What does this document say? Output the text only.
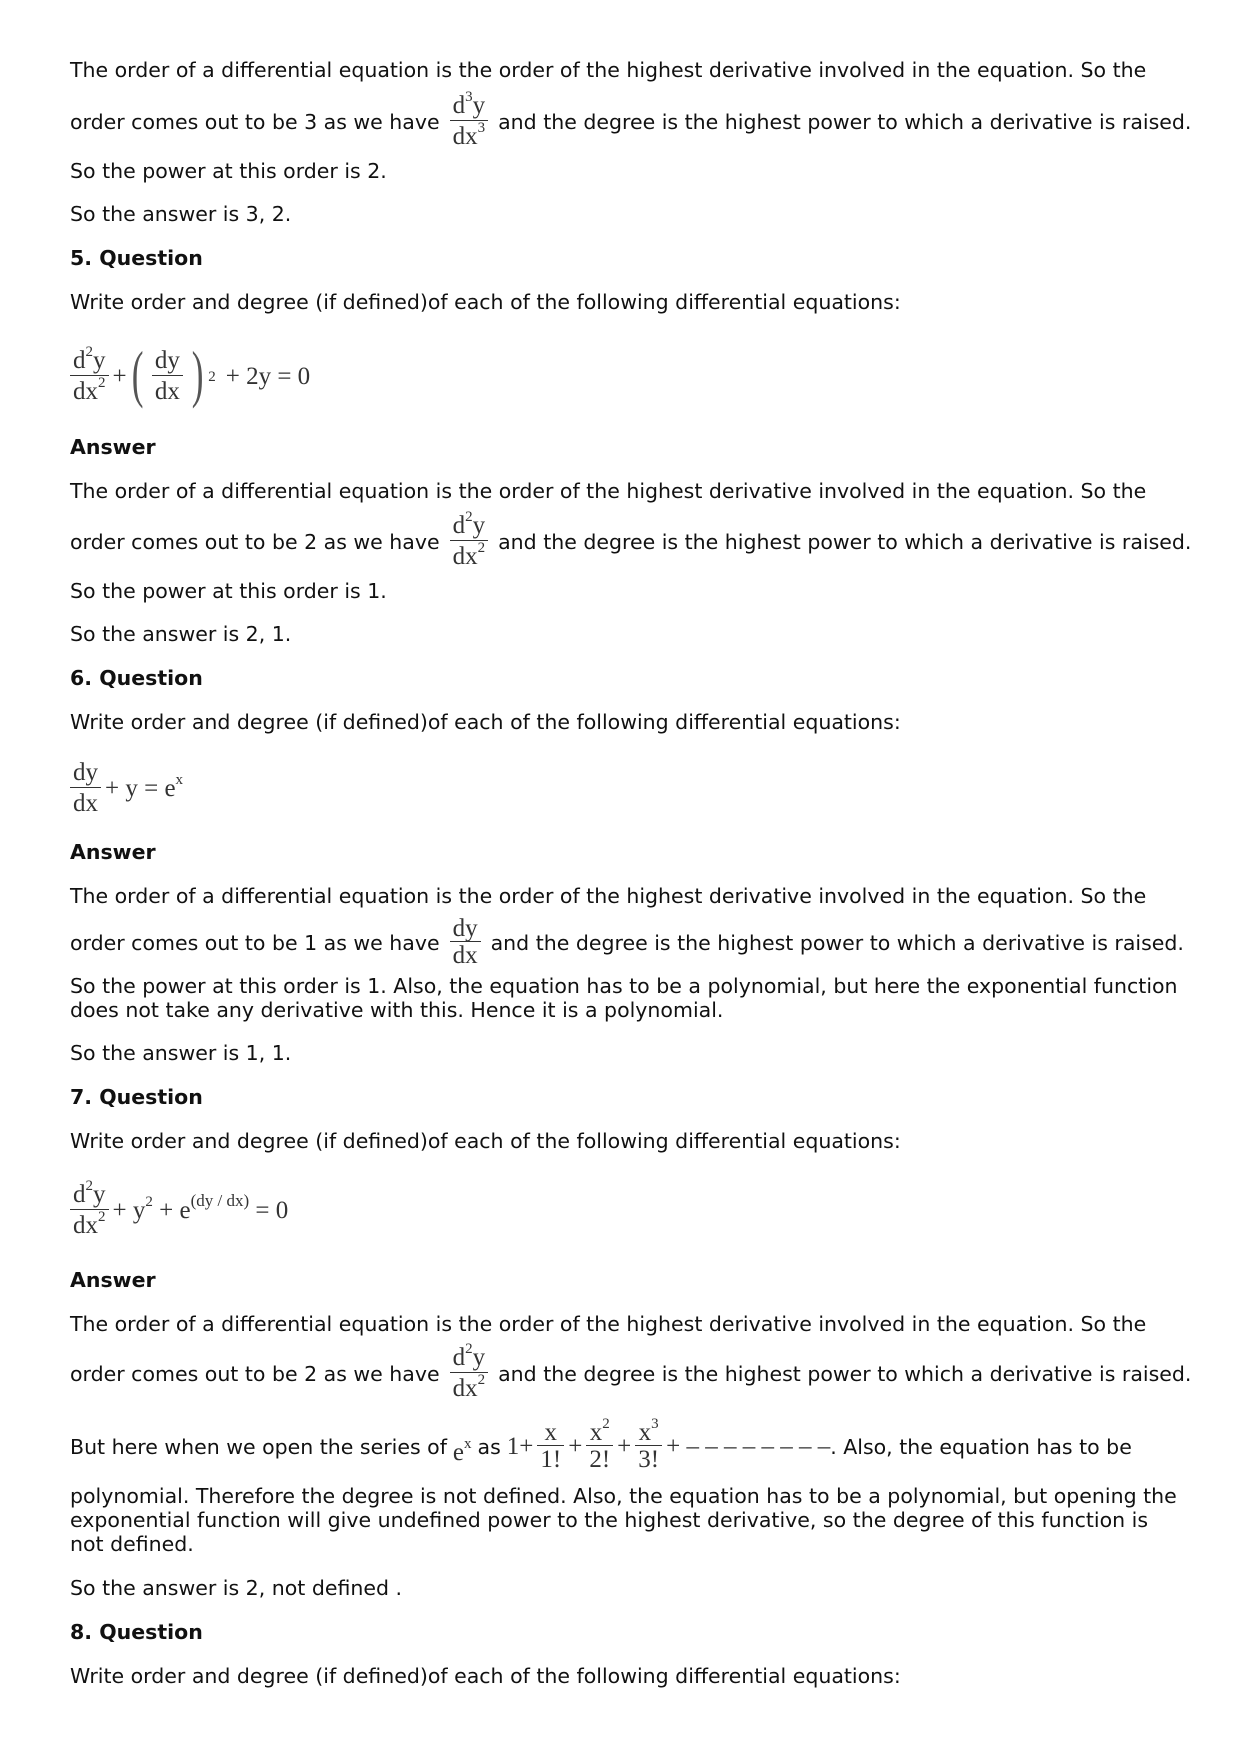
The order of a differential equation is the order of the highest derivative involved in the equation. So the
order comes out to be 3 as we have $\frac{d^3y}{dx^3}$ and the degree is the highest power to which a derivative is raised.
So the power at this order is 2.
So the answer is 3, 2.
5. Question
Write order and degree (if defined)of each of the following differential equations:
$\frac{d^2y}{dx^2}$ + ( $\frac{dy}{dx}$ ) 2 + 2y = 0
Answer
The order of a differential equation is the order of the highest derivative involved in the equation. So the
order comes out to be 2 as we have $\frac{d^2y}{dx^2}$ and the degree is the highest power to which a derivative is raised.
So the power at this order is 1.
So the answer is 2, 1.
6. Question
Write order and degree (if defined)of each of the following differential equations:
$\frac{dy}{dx} + y = e^x$
Answer
The order of a differential equation is the order of the highest derivative involved in the equation. So the
order comes out to be 1 as we have $\frac{dy}{dx}$ and the degree is the highest power to which a derivative is raised.
So the power at this order is 1. Also, the equation has to be a polynomial, but here the exponential function does not take any derivative with this. Hence it is a polynomial.
So the answer is 1, 1.
7. Question
Write order and degree (if defined)of each of the following differential equations:
$\frac{d^2y}{dx^2} + y^2 + e^{(dy / dx)} = 0$
Answer
The order of a differential equation is the order of the highest derivative involved in the equation. So the
order comes out to be 2 as we have $\frac{d^2y}{dx^2}$ and the degree is the highest power to which a derivative is raised.
But here when we open the series of $e^x$ as $1+ \frac{x}{1!} + \frac{x^2}{2!} + \frac{x^3}{3!}$ + – – – – – – – – . Also, the equation has to be
polynomial. Therefore the degree is not defined. Also, the equation has to be a polynomial, but opening the exponential function will give undefined power to the highest derivative, so the degree of this function is not defined.
So the answer is 2, not defined .
8. Question
Write order and degree (if defined)of each of the following differential equations:
